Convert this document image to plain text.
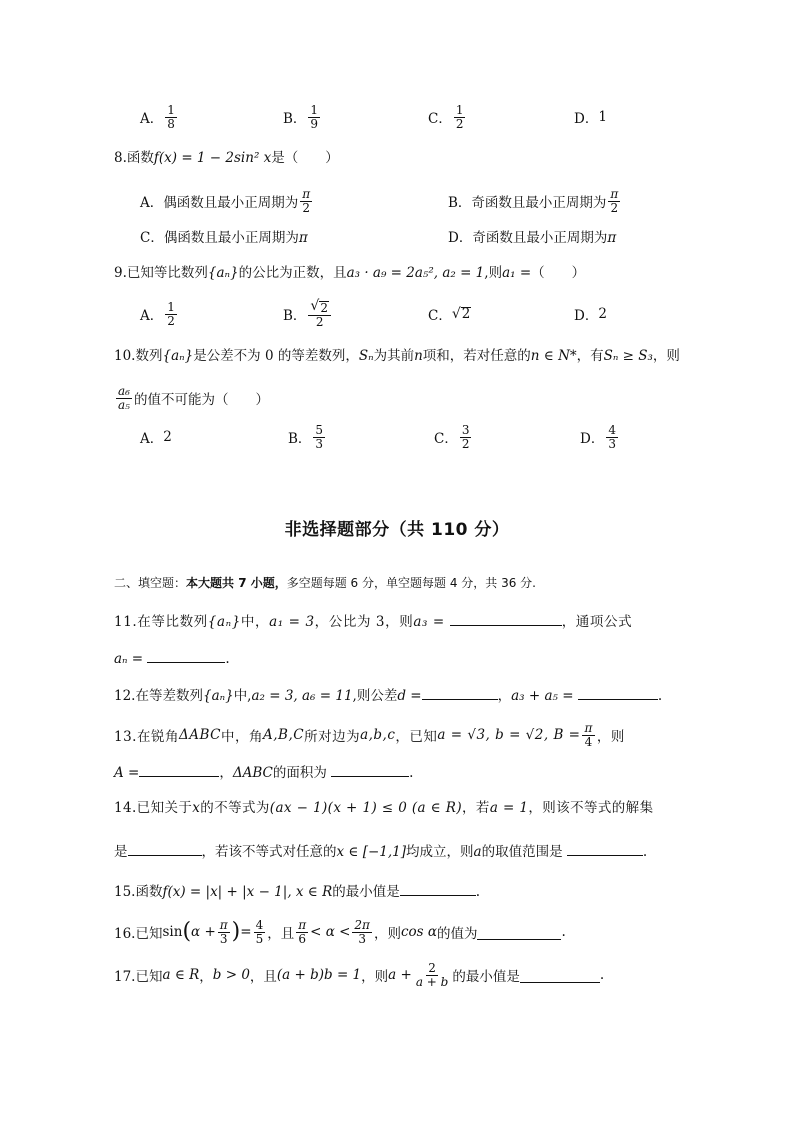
A． $\frac{1}{8}$	B． $\frac{1}{9}$	C． $\frac{1}{2}$	D． 1
8.函数f(x) = 1 − 2sin² x是（　　）
A． 偶函数且最小正周期为 $\frac{\pi}{2}$	B． 奇函数且最小正周期为 $\frac{\pi}{2}$
C．偶函数且最小正周期为π	D．奇函数且最小正周期为π
9.已知等比数列{aₙ}的公比为正数，且a₃ · a₉ = 2a₅², a₂ = 1,则a₁ =（　　）
A． $\frac{1}{2}$	B． $\frac{√ 2}{2}$	C． √ 2	D． 2
10.数列{aₙ}是公差不为 0 的等差数列，Sₙ为其前n项和，若对任意的n ∈ N*，有Sₙ ≥ S₃，则
$\frac{\text{a₆}}{\text{a₅}}$ 的值不可能为（　　）
A． 2	B． $\frac{5}{3}$	C． $\frac{3}{2}$	D． $\frac{4}{3}$
非选择题部分（共 110 分）
二、填空题：本大题共 7 小题，多空题每题 6 分，单空题每题 4 分，共 36 分.
11.在等比数列{aₙ}中，a₁ = 3，公比为 3，则a₃ =	，通项公式
aₙ =	.
12.在等差数列{aₙ}中,a₂ = 3, a₆ = 11,则公差d =	，a₃ + a₅ =	.
13.在锐角 ΔABC 中，角 A,B,C 所对边为 a,b,c ，已知 a = √3, b = √2, $B = \frac{\pi}{4}$ ，则
A =	，ΔABC的面积为	.
14.已知关于x的不等式为(ax − 1)(x + 1) ≤ 0 (a ∈ R)，若a = 1，则该不等式的解集
是	，若该不等式对任意的x ∈ [−1,1]均成立，则a的取值范围是	.
15.函数f(x) = |x| + |x − 1|, x ∈ R的最小值是	.
16.已知 sin ( $\alpha + \frac{\pi}{3}$ ) = $\frac{4}{5}$ ，且 $\frac{\pi}{6} < \alpha < \frac{2\pi}{3}$ ，则 cos α 的值为	.
17.已知 a ∈ R ， b > 0 ，且 (a + b)b = 1 ，则 $a + \frac{2}{a + b}$ 的最小值是	.
